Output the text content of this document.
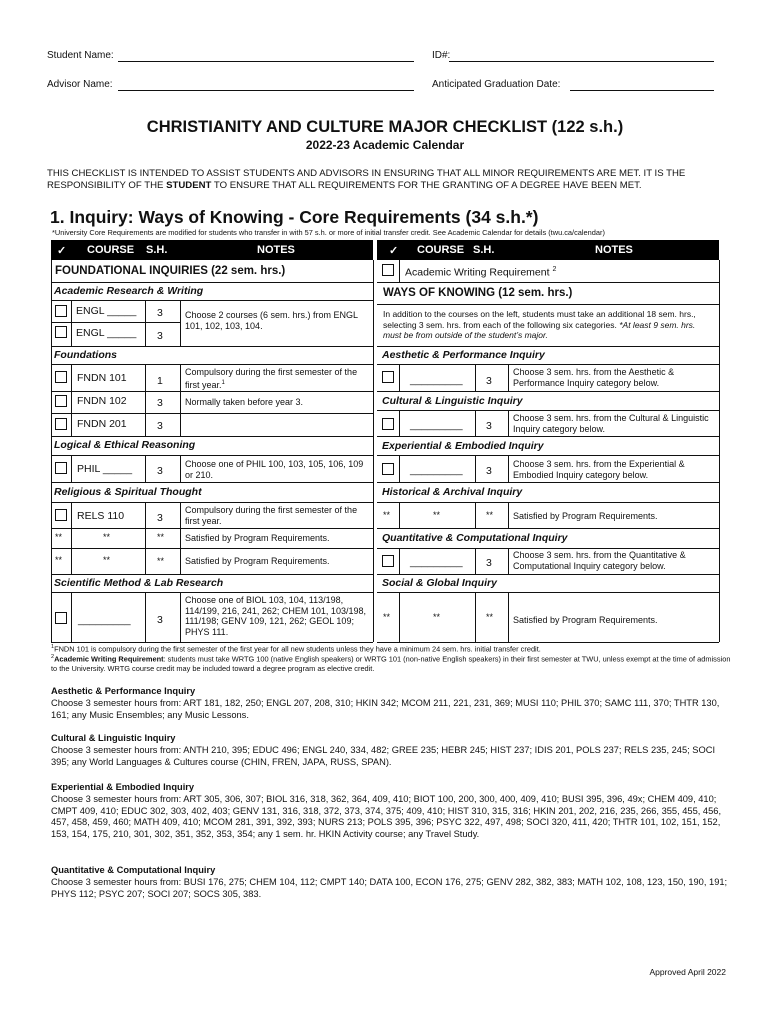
Student Name:	ID#:
Advisor Name:	Anticipated Graduation Date:
CHRISTIANITY AND CULTURE MAJOR CHECKLIST (122 s.h.)
2022-23 Academic Calendar
THIS CHECKLIST IS INTENDED TO ASSIST STUDENTS AND ADVISORS IN ENSURING THAT ALL MINOR REQUIREMENTS ARE MET. IT IS THE RESPONSIBILITY OF THE STUDENT TO ENSURE THAT ALL REQUIREMENTS FOR THE GRANTING OF A DEGREE HAVE BEEN MET.
1. Inquiry: Ways of Knowing - Core Requirements (34 s.h.*)
*University Core Requirements are modified for students who transfer in with 57 s.h. or more of initial transfer credit. See Academic Calendar for details (twu.ca/calendar)
✓ COURSE S.H.	NOTES	✓ COURSE S.H.	NOTES
FOUNDATIONAL INQUIRIES (22 sem. hrs.)
Academic Research & Writing
ENGL _____ 3
ENGL _____ 3
Choose 2 courses (6 sem. hrs.) from ENGL 101, 102, 103, 104.
Foundations
FNDN 101	1
Compulsory during the first semester of the first year.$^1$
FNDN 102	3 Normally taken before year 3.
FNDN 201	3
Logical & Ethical Reasoning
PHIL _____ 3
Choose one of PHIL 100, 103, 105, 106, 109 or 210.
Religious & Spiritual Thought
RELS 110	3
Compulsory during the first semester of the first year.
**	**	** Satisfied by Program Requirements.
**	**	** Satisfied by Program Requirements.
Scientific Method & Lab Research
_________	3
Choose one of BIOL 103, 104, 113/198, 114/199, 216, 241, 262; CHEM 101, 103/198, 111/198; GENV 109, 121, 262; GEOL 109; PHYS 111.
Academic Writing Requirement $^2$
WAYS OF KNOWING (12 sem. hrs.)
In addition to the courses on the left, students must take an additional 18 sem. hrs., selecting 3 sem. hrs. from each of the following six categories. *At least 9 sem. hrs. must be from outside of the student’s major.
Aesthetic & Performance Inquiry
_________ 3
Choose 3 sem. hrs. from the Aesthetic & Performance Inquiry category below.
Cultural & Linguistic Inquiry
_________ 3
Choose 3 sem. hrs. from the Cultural & Linguistic Inquiry category below.
Experiential & Embodied Inquiry
_________ 3
Choose 3 sem. hrs. from the Experiential & Embodied Inquiry category below.
Historical & Archival Inquiry
**	**	** Satisfied by Program Requirements.
Quantitative & Computational Inquiry
_________ 3
Choose 3 sem. hrs. from the Quantitative & Computational Inquiry category below.
Social & Global Inquiry
**	**	** Satisfied by Program Requirements.
$^1$FNDN 101 is compulsory during the first semester of the first year for all new students unless they have a minimum 24 sem. hrs. initial transfer credit.
$^2$Academic Writing Requirement: students must take WRTG 100 (native English speakers) or WRTG 101 (non-native English speakers) in their first semester at TWU, unless exempt at the time of admission to the University. WRTG course credit may be included toward a degree program as elective credit.
Aesthetic & Performance Inquiry
Choose 3 semester hours from: ART 181, 182, 250; ENGL 207, 208, 310; HKIN 342; MCOM 211, 221, 231, 369; MUSI 110; PHIL 370; SAMC 111, 370; THTR 130, 161; any Music Ensembles; any Music Lessons.
Cultural & Linguistic Inquiry
Choose 3 semester hours from: ANTH 210, 395; EDUC 496; ENGL 240, 334, 482; GREE 235; HEBR 245; HIST 237; IDIS 201, POLS 237; RELS 235, 245; SOCI 395; any World Languages & Cultures course (CHIN, FREN, JAPA, RUSS, SPAN).
Experiential & Embodied Inquiry
Choose 3 semester hours from: ART 305, 306, 307; BIOL 316, 318, 362, 364, 409, 410; BIOT 100, 200, 300, 400, 409, 410; BUSI 395, 396, 49x; CHEM 409, 410; CMPT 409, 410; EDUC 302, 303, 402, 403; GENV 131, 316, 318, 372, 373, 374, 375; 409, 410; HIST 310, 315, 316; HKIN 201, 202, 216, 235, 266, 355, 455, 456, 457, 458, 459, 460; MATH 409, 410; MCOM 281, 391, 392, 393; NURS 213; POLS 395, 396; PSYC 322, 497, 498; SOCI 320, 411, 420; THTR 101, 102, 151, 152, 153, 154, 175, 210, 301, 302, 351, 352, 353, 354; any 1 sem. hr. HKIN Activity course; any Travel Study.
Quantitative & Computational Inquiry
Choose 3 semester hours from: BUSI 176, 275; CHEM 104, 112; CMPT 140; DATA 100, ECON 176, 275; GENV 282, 382, 383; MATH 102, 108, 123, 150, 190, 191; PHYS 112; PSYC 207; SOCI 207; SOCS 305, 383.
Approved April 2022
